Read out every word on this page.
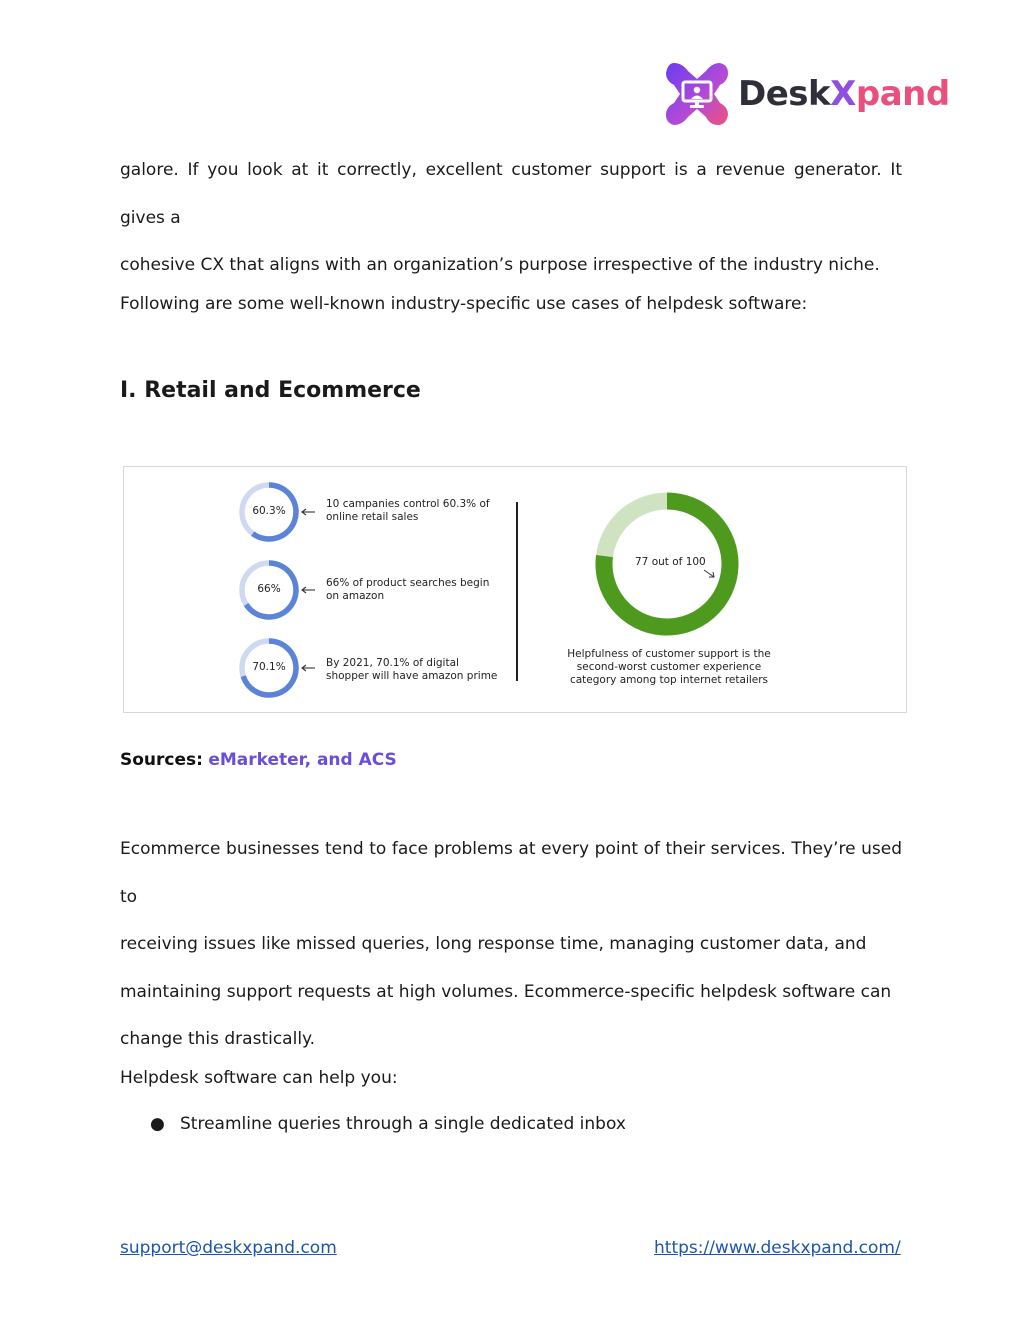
DeskXpand
galore. If you look at it correctly, excellent customer support is a revenue generator. It gives a
cohesive CX that aligns with an organization’s purpose irrespective of the industry niche.
Following are some well-known industry-specific use cases of helpdesk software:
I. Retail and Ecommerce
60.3%
66%
70.1%
10 campanies control 60.3% of
online retail sales
66% of product searches begin
on amazon
By 2021, 70.1% of digital
shopper will have amazon prime
77 out of 100
Helpfulness of customer support is the
second-worst customer experience
category among top internet retailers
Sources: eMarketer, and ACS
Ecommerce businesses tend to face problems at every point of their services. They’re used to
receiving issues like missed queries, long response time, managing customer data, and
maintaining support requests at high volumes. Ecommerce-specific helpdesk software can
change this drastically.
Helpdesk software can help you:
● Streamline queries through a single dedicated inbox
support@deskxpand.com	https://www.deskxpand.com/
